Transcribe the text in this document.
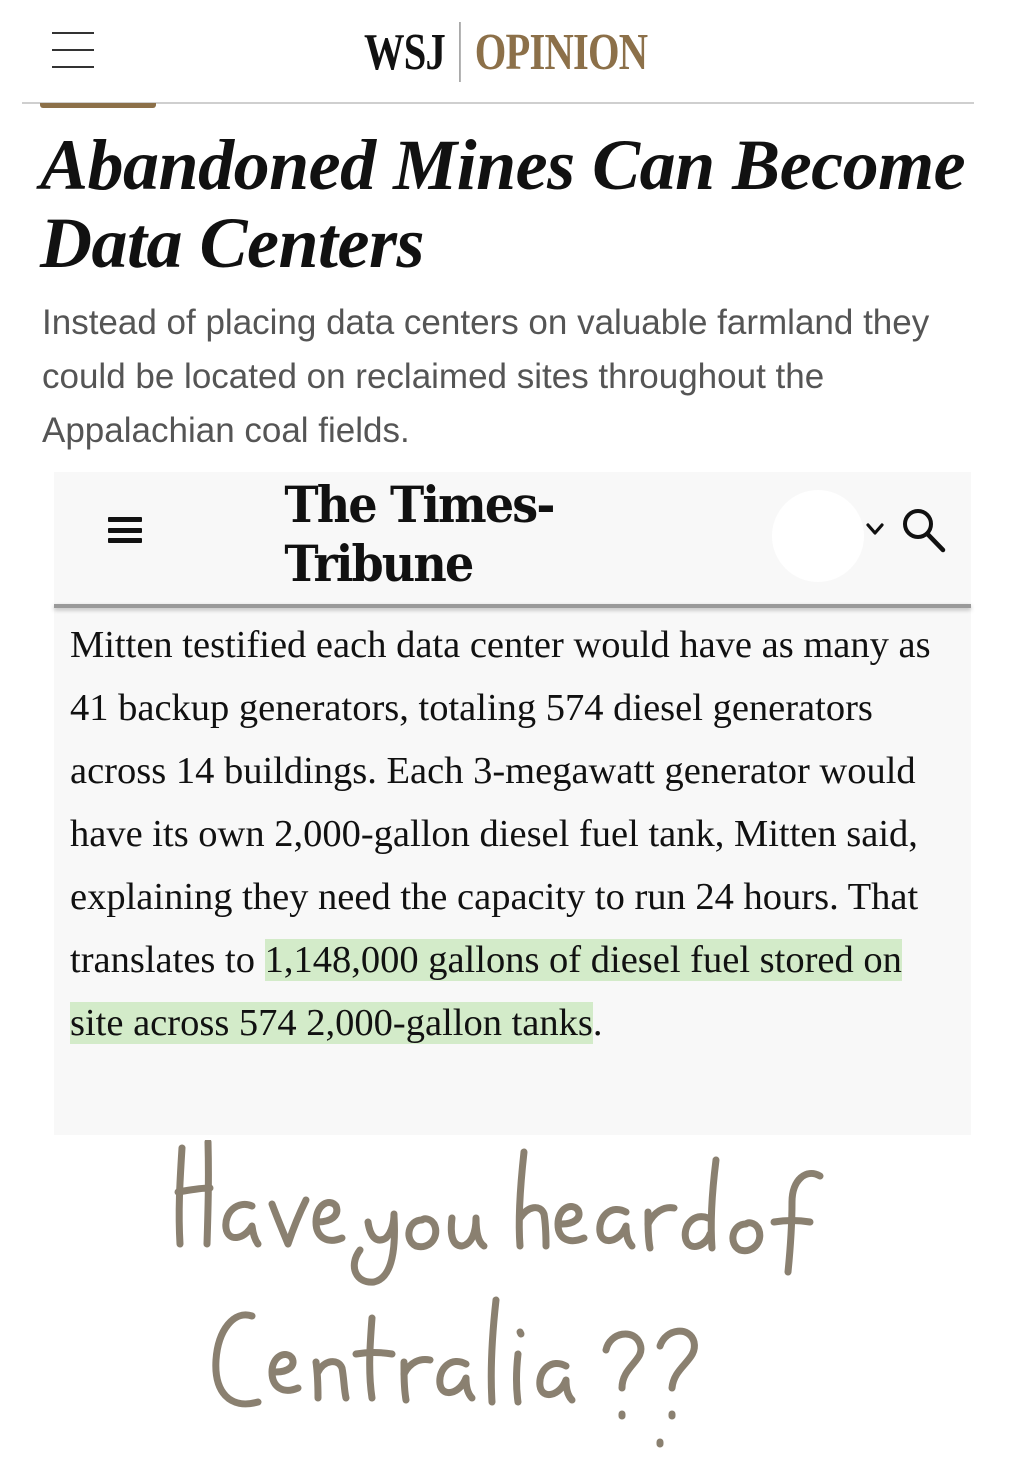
WSJ OPINION
Abandoned Mines Can Become
Data Centers

Instead of placing data centers on valuable farmland they could be located on reclaimed sites throughout the Appalachian coal fields.

The Times-Tribune

Mitten testified each data center would have as many as 41 backup generators, totaling 574 diesel generators across 14 buildings. Each 3-megawatt generator would have its own 2,000-gallon diesel fuel tank, Mitten said, explaining they need the capacity to run 24 hours. That translates to 1,148,000 gallons of diesel fuel stored on site across 574 2,000-gallon tanks.
